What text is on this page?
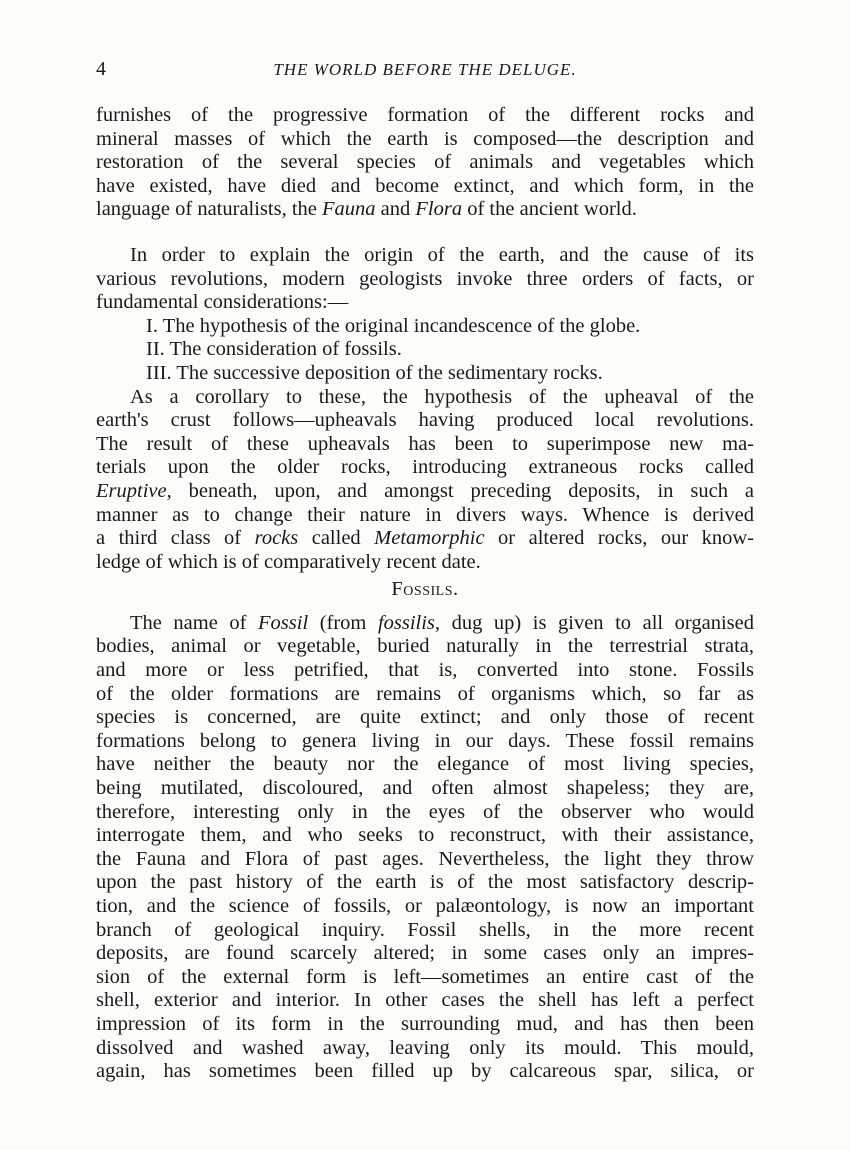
4	THE WORLD BEFORE THE DELUGE.
furnishes of the progressive formation of the different rocks and
mineral masses of which the earth is composed—the description and
restoration of the several species of animals and vegetables which
have existed, have died and become extinct, and which form, in the
language of naturalists, the Fauna and Flora of the ancient world.
In order to explain the origin of the earth, and the cause of its
various revolutions, modern geologists invoke three orders of facts, or
fundamental considerations:—
I. The hypothesis of the original incandescence of the globe.
II. The consideration of fossils.
III. The successive deposition of the sedimentary rocks.
As a corollary to these, the hypothesis of the upheaval of the
earth's crust follows—upheavals having produced local revolutions.
The result of these upheavals has been to superimpose new ma-
terials upon the older rocks, introducing extraneous rocks called
Eruptive, beneath, upon, and amongst preceding deposits, in such a
manner as to change their nature in divers ways. Whence is derived
a third class of rocks called Metamorphic or altered rocks, our know-
ledge of which is of comparatively recent date.
Fossils.
The name of Fossil (from fossilis, dug up) is given to all organised
bodies, animal or vegetable, buried naturally in the terrestrial strata,
and more or less petrified, that is, converted into stone. Fossils
of the older formations are remains of organisms which, so far as
species is concerned, are quite extinct; and only those of recent
formations belong to genera living in our days. These fossil remains
have neither the beauty nor the elegance of most living species,
being mutilated, discoloured, and often almost shapeless; they are,
therefore, interesting only in the eyes of the observer who would
interrogate them, and who seeks to reconstruct, with their assistance,
the Fauna and Flora of past ages. Nevertheless, the light they throw
upon the past history of the earth is of the most satisfactory descrip-
tion, and the science of fossils, or palæontology, is now an important
branch of geological inquiry. Fossil shells, in the more recent
deposits, are found scarcely altered; in some cases only an impres-
sion of the external form is left—sometimes an entire cast of the
shell, exterior and interior. In other cases the shell has left a perfect
impression of its form in the surrounding mud, and has then been
dissolved and washed away, leaving only its mould. This mould,
again, has sometimes been filled up by calcareous spar, silica, or
